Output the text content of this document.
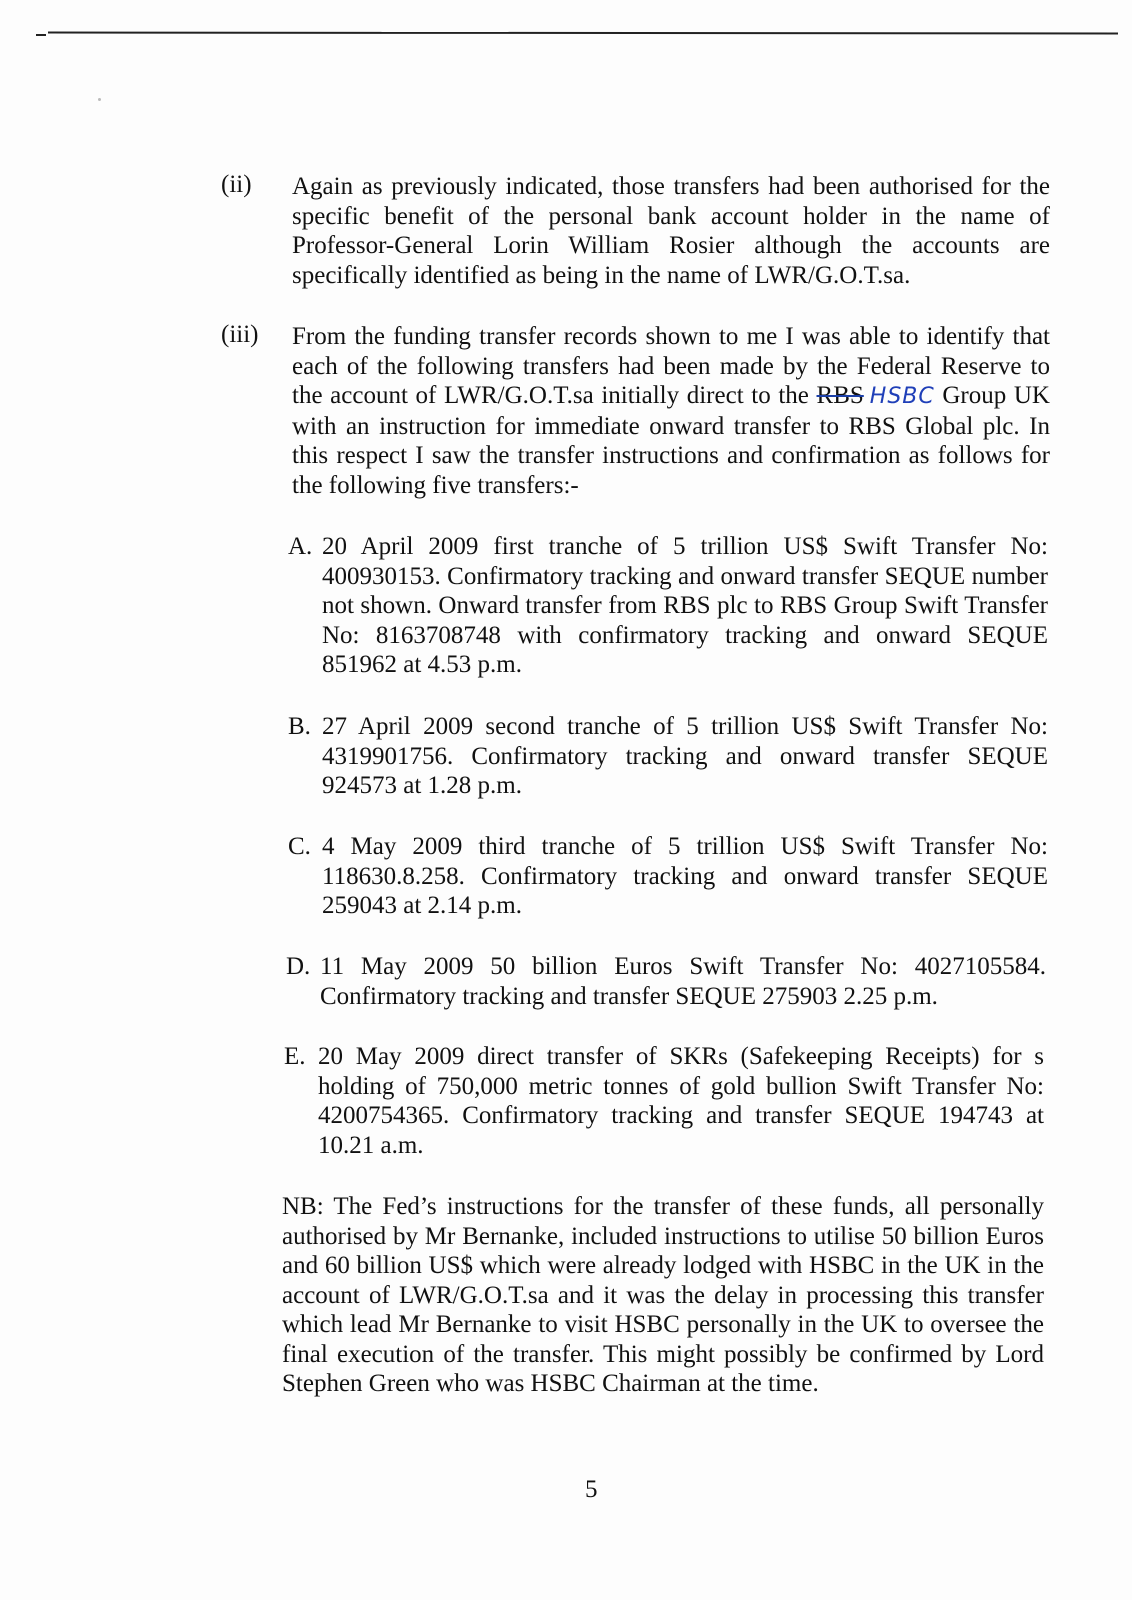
(ii) Again as previously indicated, those transfers had been authorised for the specific benefit of the personal bank account holder in the name of Professor-General Lorin William Rosier although the accounts are specifically identified as being in the name of LWR/G.O.T.sa.
(iii) From the funding transfer records shown to me I was able to identify that each of the following transfers had been made by the Federal Reserve to the account of LWR/G.O.T.sa initially direct to the RBS HSBC Group UK with an instruction for immediate onward transfer to RBS Global plc. In this respect I saw the transfer instructions and confirmation as follows for the following five transfers:-
A. 20 April 2009 first tranche of 5 trillion US$ Swift Transfer No: 400930153. Confirmatory tracking and onward transfer SEQUE number not shown. Onward transfer from RBS plc to RBS Group Swift Transfer No: 8163708748 with confirmatory tracking and onward SEQUE 851962 at 4.53 p.m.
B. 27 April 2009 second tranche of 5 trillion US$ Swift Transfer No: 4319901756. Confirmatory tracking and onward transfer SEQUE 924573 at 1.28 p.m.
C. 4 May 2009 third tranche of 5 trillion US$ Swift Transfer No: 118630.8.258. Confirmatory tracking and onward transfer SEQUE 259043 at 2.14 p.m.
D. 11 May 2009 50 billion Euros Swift Transfer No: 4027105584. Confirmatory tracking and transfer SEQUE 275903 2.25 p.m.
E. 20 May 2009 direct transfer of SKRs (Safekeeping Receipts) for s holding of 750,000 metric tonnes of gold bullion Swift Transfer No: 4200754365. Confirmatory tracking and transfer SEQUE 194743 at 10.21 a.m.
NB: The Fed’s instructions for the transfer of these funds, all personally authorised by Mr Bernanke, included instructions to utilise 50 billion Euros and 60 billion US$ which were already lodged with HSBC in the UK in the account of LWR/G.O.T.sa and it was the delay in processing this transfer which lead Mr Bernanke to visit HSBC personally in the UK to oversee the final execution of the transfer. This might possibly be confirmed by Lord Stephen Green who was HSBC Chairman at the time.
5
